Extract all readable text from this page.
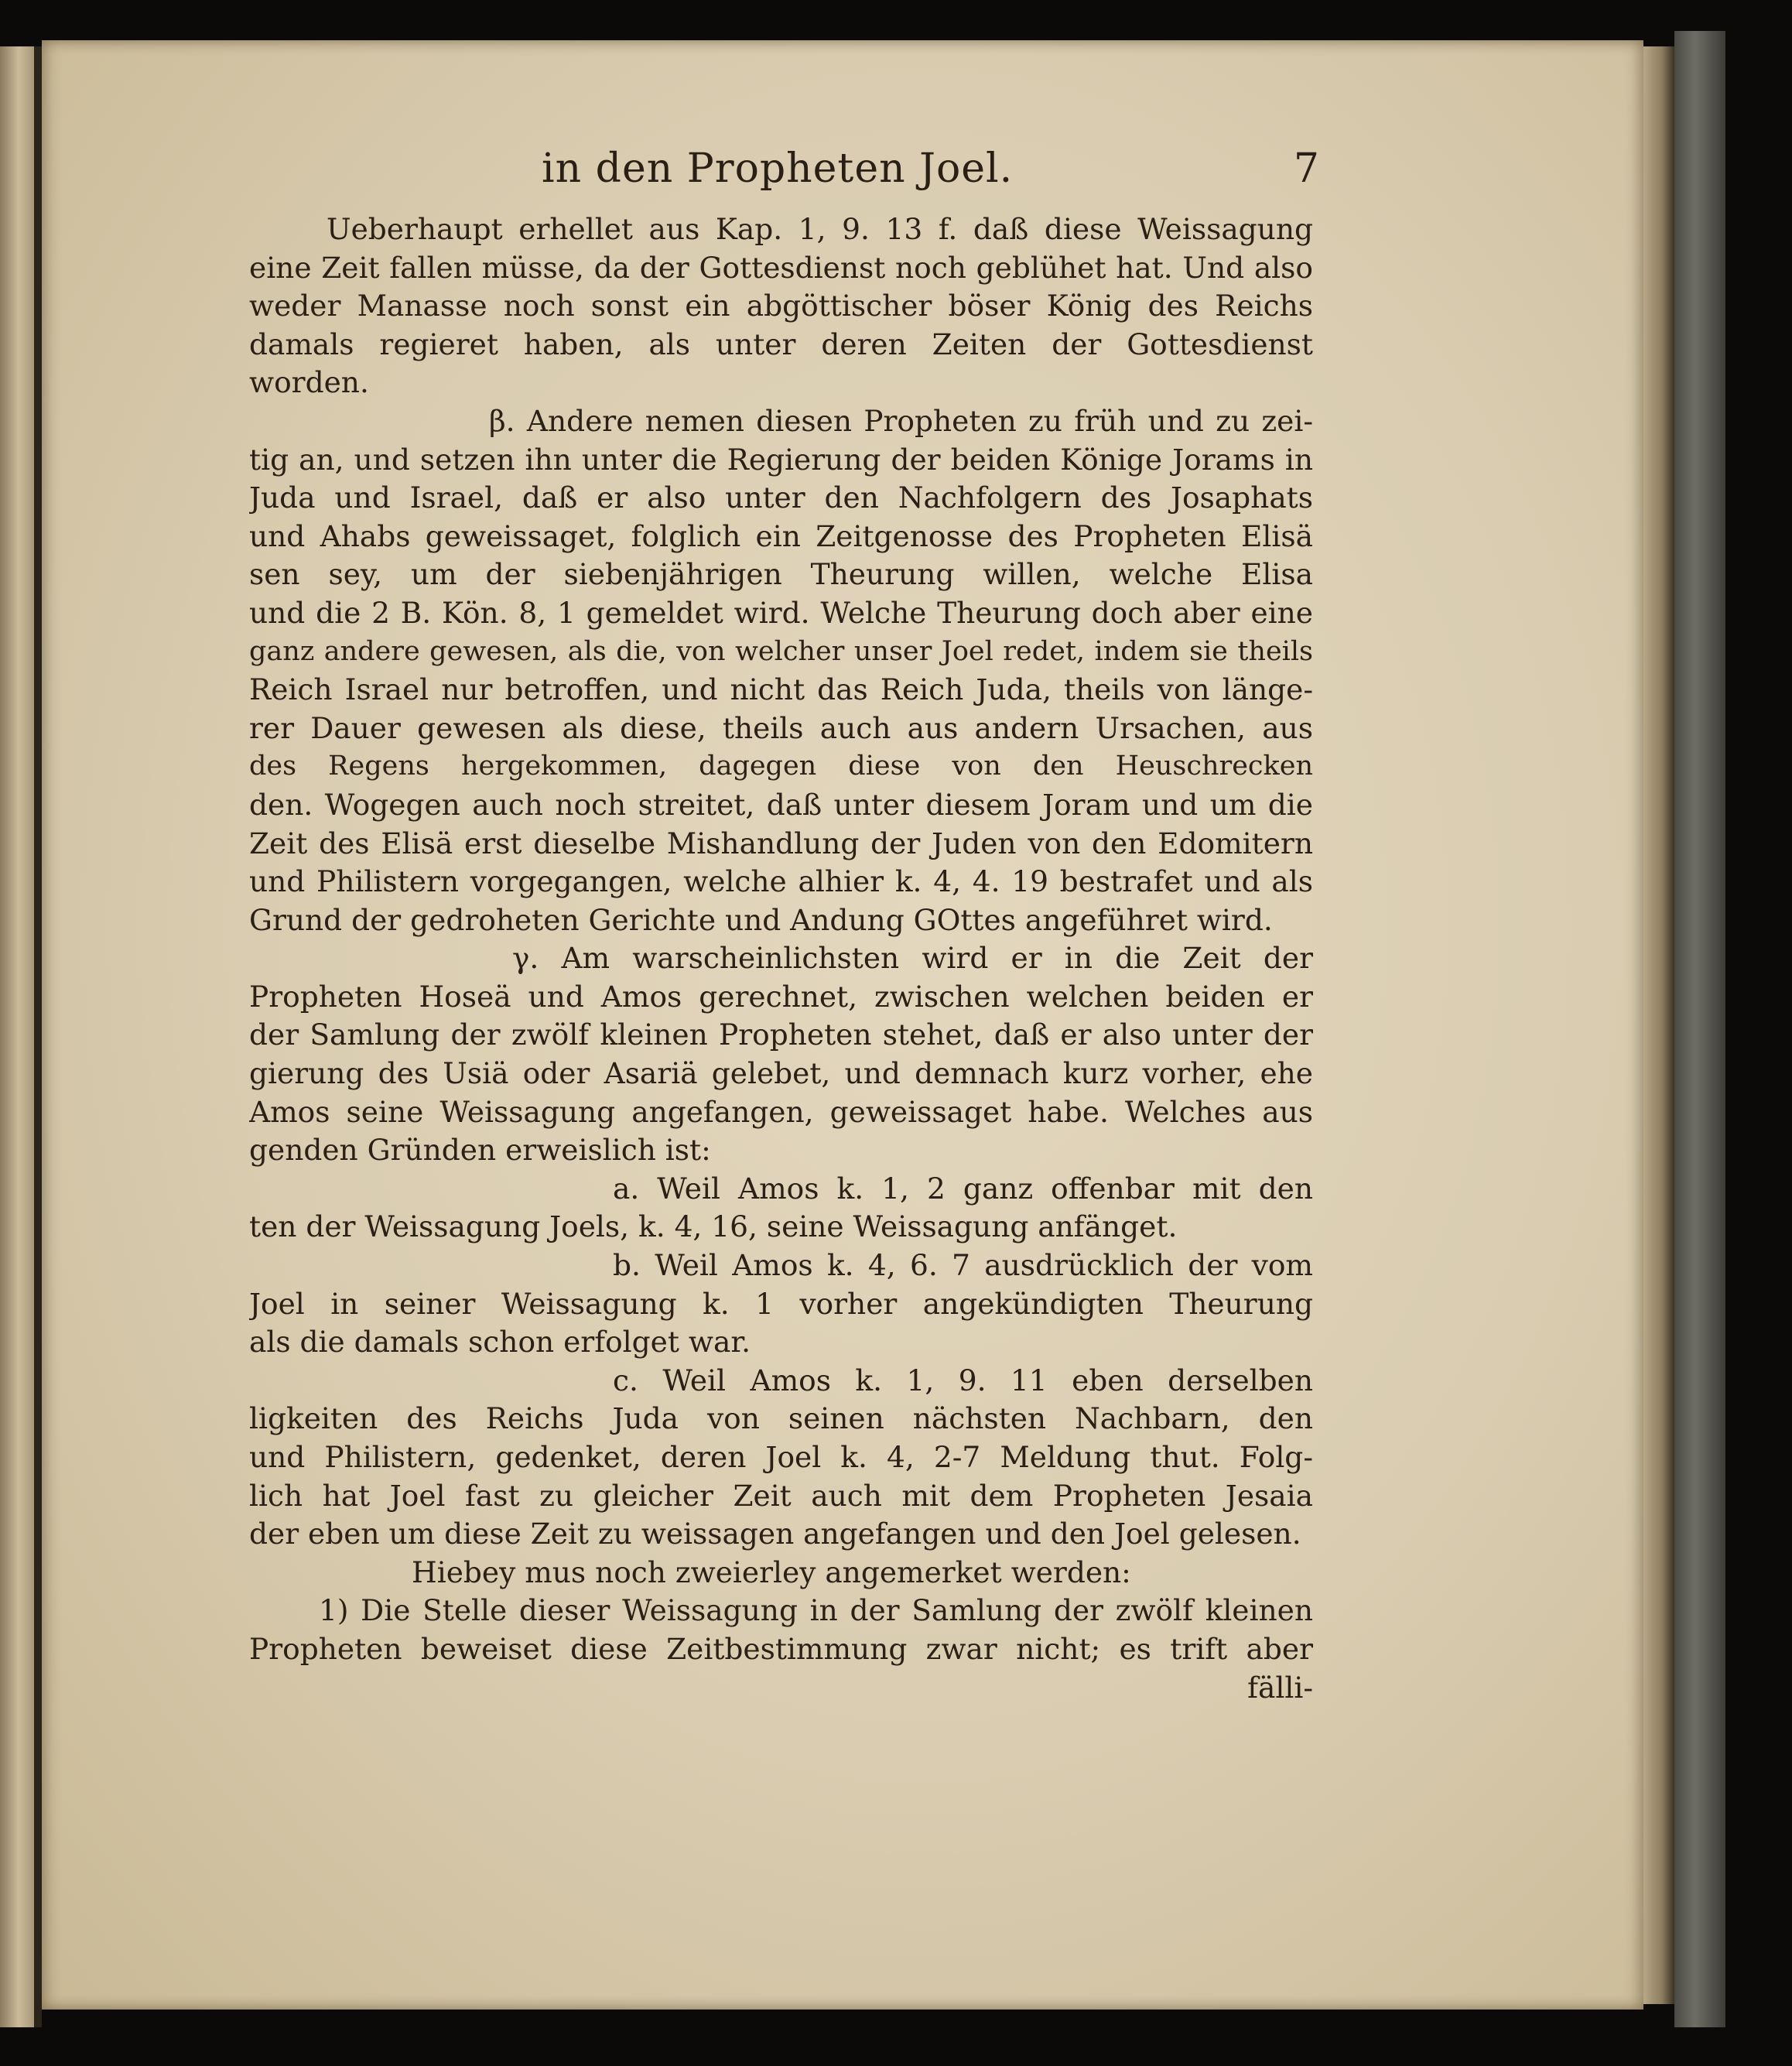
in den Propheten Joel.	7
Ueberhaupt erhellet aus Kap. 1, 9. 13 f. daß diese Weissagung
eine Zeit fallen müsse, da der Gottesdienst noch geblühet hat. Und also
weder Manasse noch sonst ein abgöttischer böser König des Reichs
damals regieret haben, als unter deren Zeiten der Gottesdienst
worden.
β. Andere nemen diesen Propheten zu früh und zu zei-
tig an, und setzen ihn unter die Regierung der beiden Könige Jorams in
Juda und Israel, daß er also unter den Nachfolgern des Josaphats
und Ahabs geweissaget, folglich ein Zeitgenosse des Propheten Elisä
sen sey, um der siebenjährigen Theurung willen, welche Elisa
und die 2 B. Kön. 8, 1 gemeldet wird. Welche Theurung doch aber eine
ganz andere gewesen, als die, von welcher unser Joel redet, indem sie theils
Reich Israel nur betroffen, und nicht das Reich Juda, theils von länge-
rer Dauer gewesen als diese, theils auch aus andern Ursachen, aus
des Regens hergekommen, dagegen diese von den Heuschrecken
den. Wogegen auch noch streitet, daß unter diesem Joram und um die
Zeit des Elisä erst dieselbe Mishandlung der Juden von den Edomitern
und Philistern vorgegangen, welche alhier k. 4, 4. 19 bestrafet und als
Grund der gedroheten Gerichte und Andung GOttes angeführet wird.
γ. Am warscheinlichsten wird er in die Zeit der
Propheten Hoseä und Amos gerechnet, zwischen welchen beiden er
der Samlung der zwölf kleinen Propheten stehet, daß er also unter der
gierung des Usiä oder Asariä gelebet, und demnach kurz vorher, ehe
Amos seine Weissagung angefangen, geweissaget habe. Welches aus
genden Gründen erweislich ist:
a. Weil Amos k. 1, 2 ganz offenbar mit den
ten der Weissagung Joels, k. 4, 16, seine Weissagung anfänget.
b. Weil Amos k. 4, 6. 7 ausdrücklich der vom
Joel in seiner Weissagung k. 1 vorher angekündigten Theurung
als die damals schon erfolget war.
c. Weil Amos k. 1, 9. 11 eben derselben
ligkeiten des Reichs Juda von seinen nächsten Nachbarn, den
und Philistern, gedenket, deren Joel k. 4, 2-7 Meldung thut. Folg-
lich hat Joel fast zu gleicher Zeit auch mit dem Propheten Jesaia
der eben um diese Zeit zu weissagen angefangen und den Joel gelesen.
Hiebey mus noch zweierley angemerket werden:
1) Die Stelle dieser Weissagung in der Samlung der zwölf kleinen
Propheten beweiset diese Zeitbestimmung zwar nicht; es trift aber
fälli-
